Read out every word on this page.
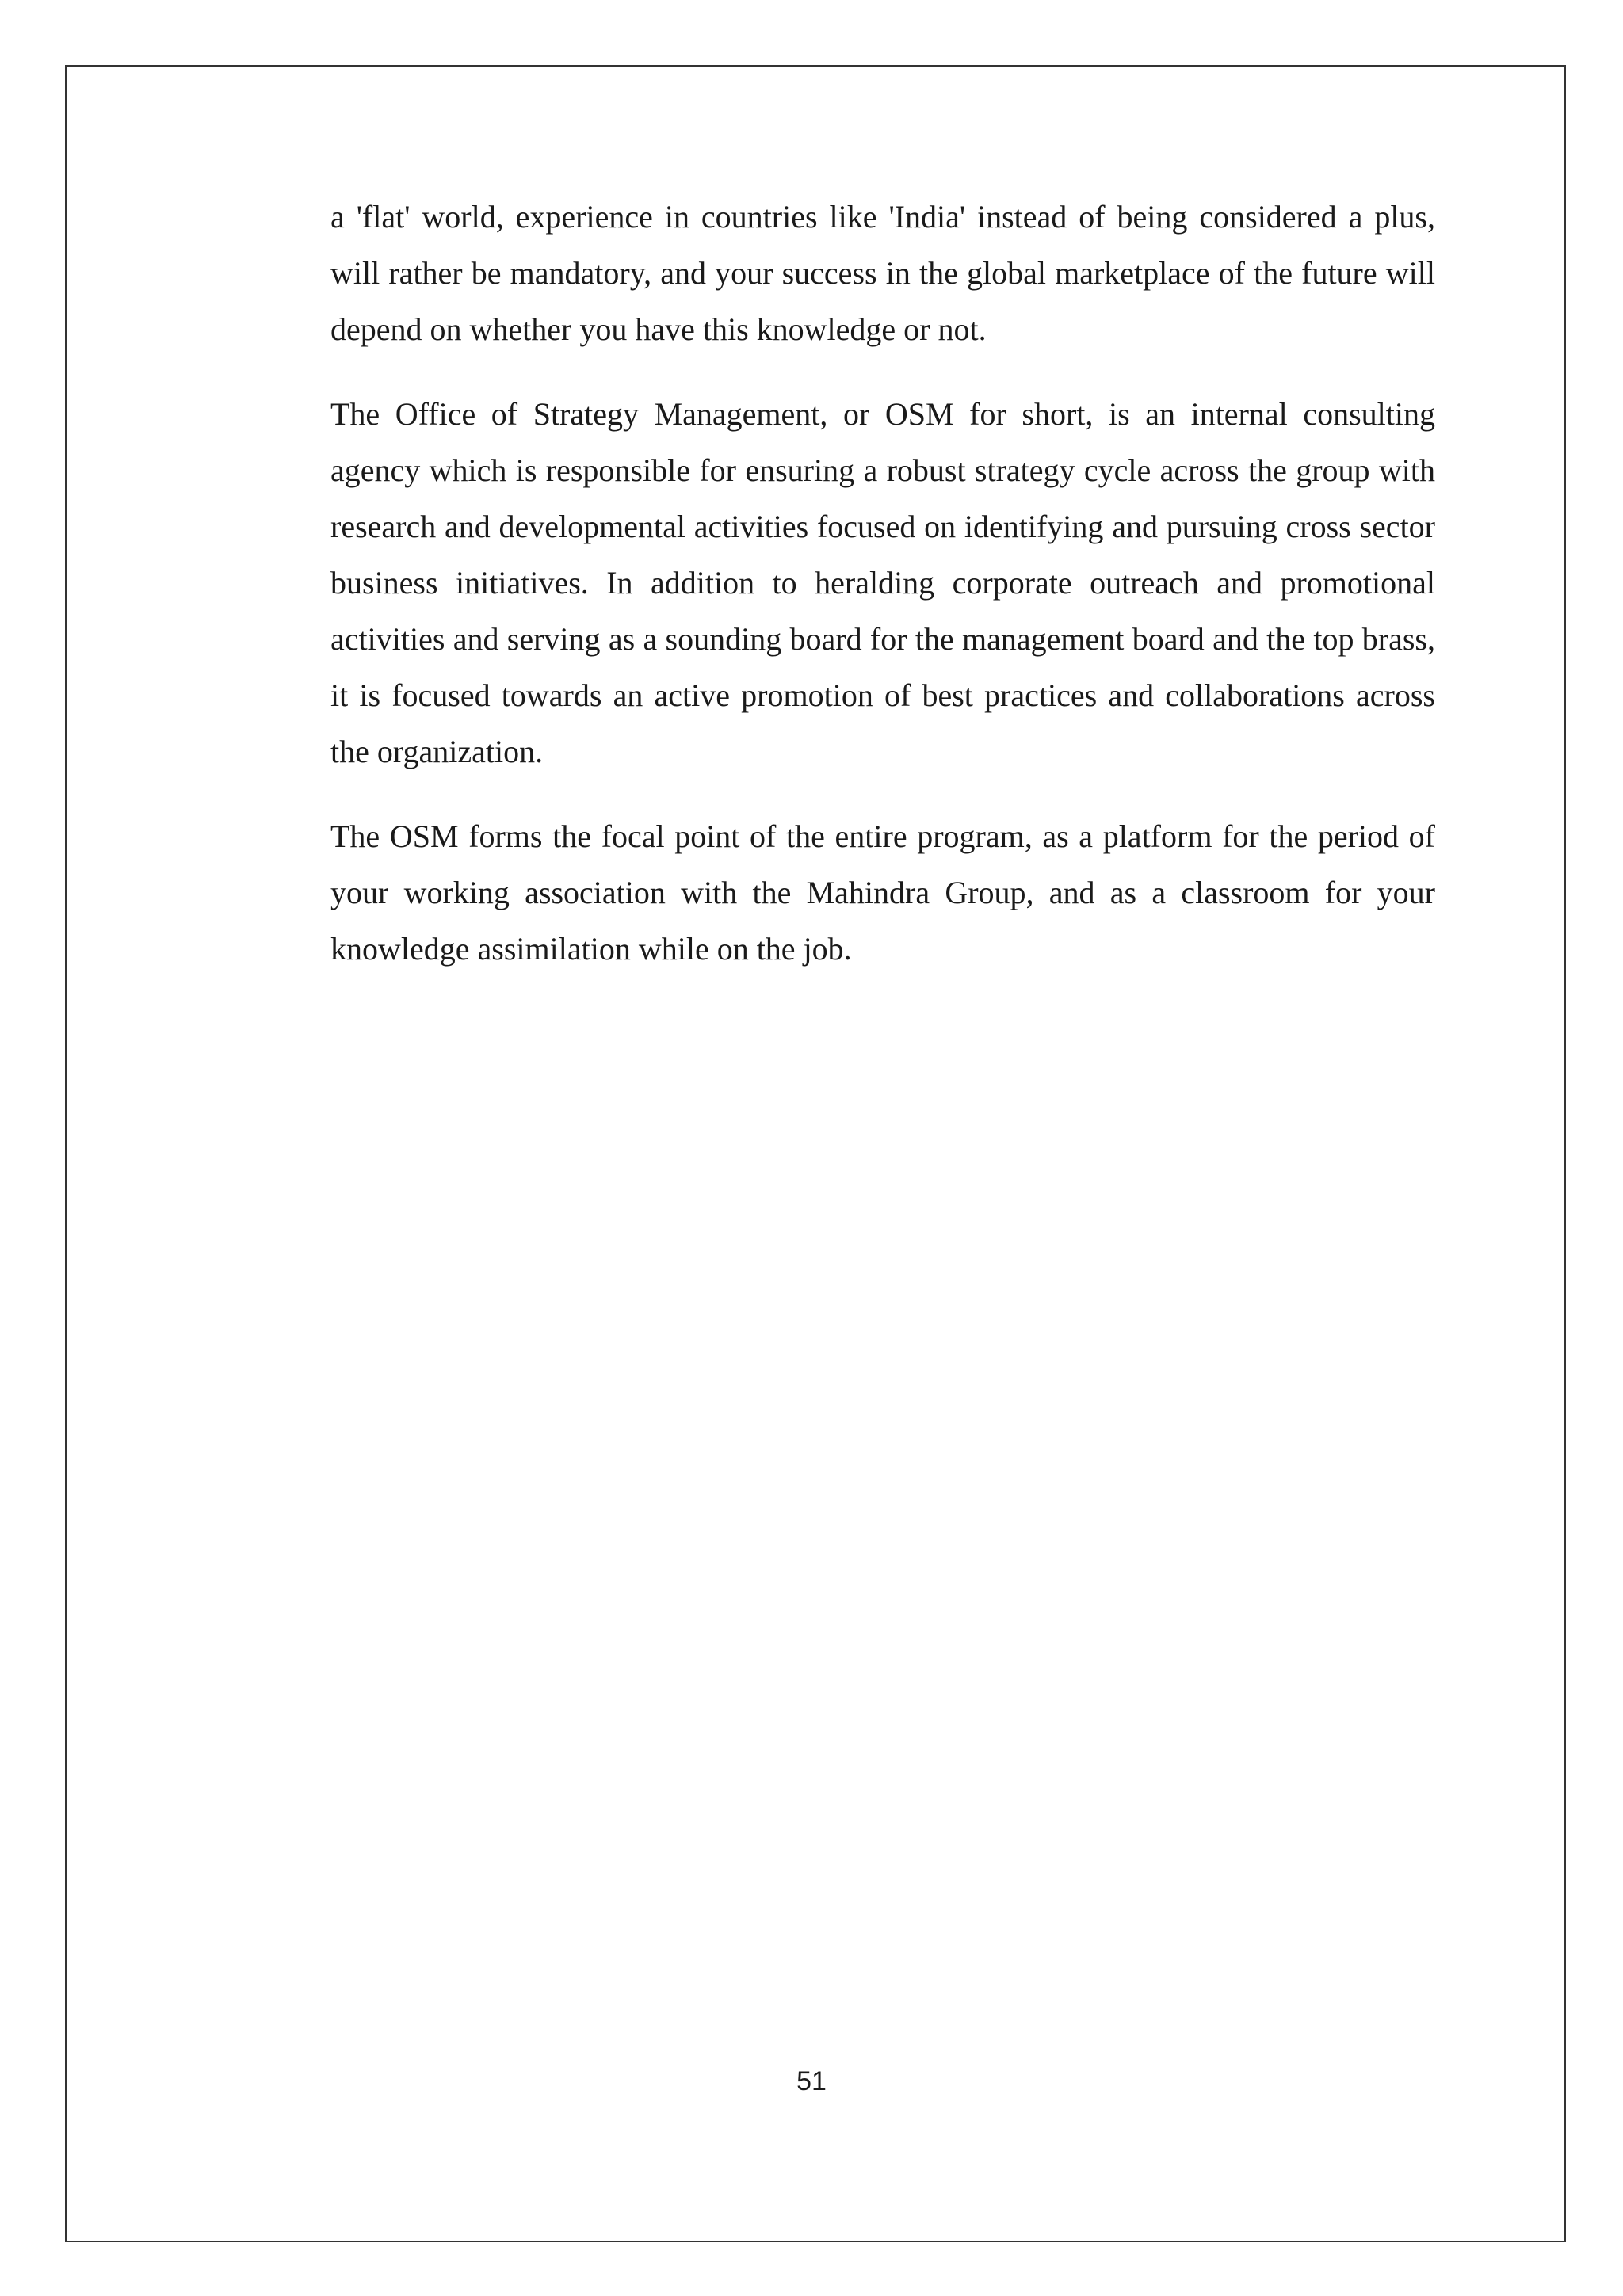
a 'flat' world, experience in countries like 'India' instead of being considered a plus, will rather be mandatory, and your success in the global marketplace of the future will depend on whether you have this knowledge or not.

The Office of Strategy Management, or OSM for short, is an internal consulting agency which is responsible for ensuring a robust strategy cycle across the group with research and developmental activities focused on identifying and pursuing cross sector business initiatives. In addition to heralding corporate outreach and promotional activities and serving as a sounding board for the management board and the top brass, it is focused towards an active promotion of best practices and collaborations across the organization.

The OSM forms the focal point of the entire program, as a platform for the period of your working association with the Mahindra Group, and as a classroom for your knowledge assimilation while on the job.

51
